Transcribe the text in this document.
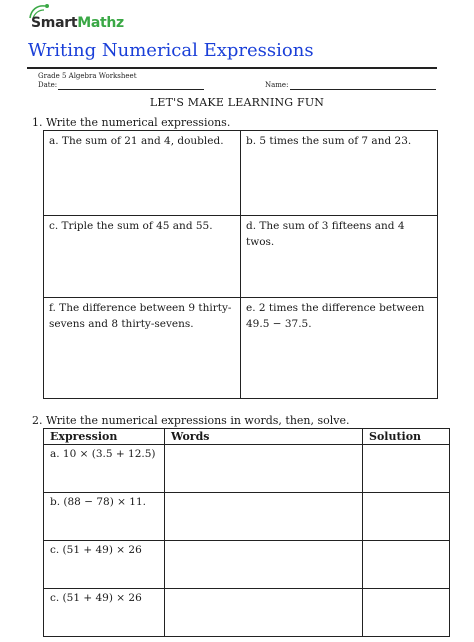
SmartMathz
Writing Numerical Expressions
Grade 5 Algebra Worksheet
Date:	Name:
LET'S MAKE LEARNING FUN
1. Write the numerical expressions.
a. The sum of 21 and 4, doubled.	b. 5 times the sum of 7 and 23.
c. Triple the sum of 45 and 55.	d. The sum of 3 fifteens and 4 twos.
f. The difference between 9 thirty-sevens and 8 thirty-sevens.	e. 2 times the difference between 49.5 − 37.5.
2. Write the numerical expressions in words, then, solve.
Expression	Words	Solution
a. 10 × (3.5 + 12.5)		
b. (88 − 78) × 11.		
c. (51 + 49) × 26		
c. (51 + 49) × 26		
